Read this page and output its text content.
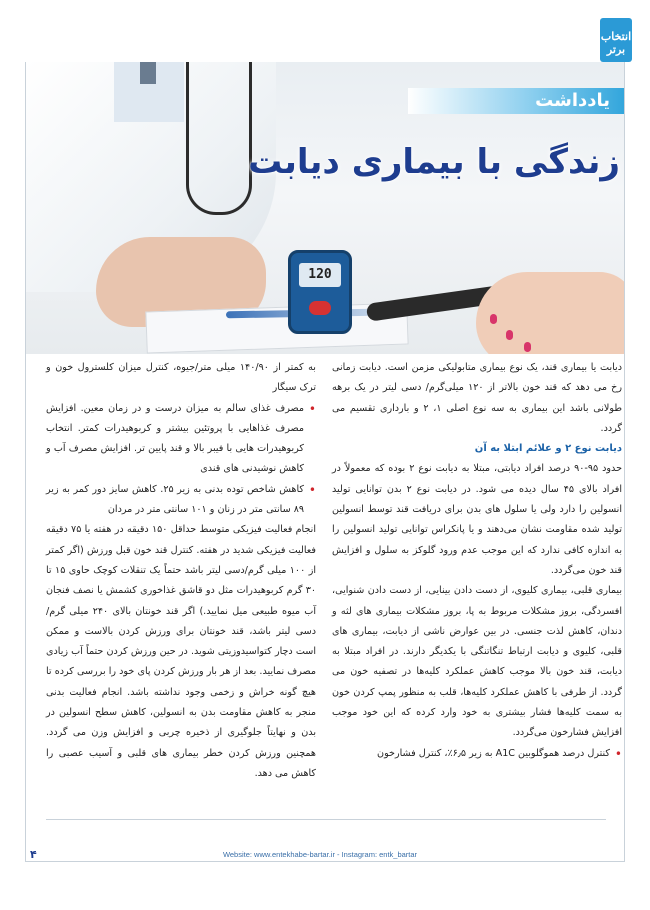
120
انتخاب برتر
یادداشت
زندگی با بیماری دیابت

دیابت یا بیماری قند، یک نوع بیماری متابولیکی مزمن است. دیابت زمانی رخ می دهد که قند خون بالاتر از ۱۲۰ میلی‌گرم/ دسی لیتر در یک برهه طولانی باشد این بیماری به سه نوع اصلی ۱، ۲ و بارداری تقسیم می گردد.

دیابت نوع ۲ و علائم ابتلا به آن

حدود ۹۵-۹۰ درصد افراد دیابتی، مبتلا به دیابت نوع ۲ بوده که معمولاً در افراد بالای ۴۵ سال دیده می شود. در دیابت نوع ۲ بدن توانایی تولید انسولین را دارد ولی یا سلول های بدن برای دریافت قند توسط انسولین تولید شده مقاومت نشان می‌دهند و یا پانکراس توانایی تولید انسولین را به اندازه کافی ندارد که این موجب عدم ورود گلوکز به سلول و افزایش قند خون می‌گردد.

بیماری قلبی، بیماری کلیوی، از دست دادن بینایی، از دست دادن شنوایی، افسردگی، بروز مشکلات مربوط به پا، بروز مشکلات بیماری های لثه و دندان، کاهش لذت جنسی. در بین عوارض ناشی از دیابت، بیماری های قلبی، کلیوی و دیابت ارتباط تنگاتنگی با یکدیگر دارند. در افراد مبتلا به دیابت، قند خون بالا موجب کاهش عملکرد کلیه‌ها در تصفیه خون می گردد. از طرفی با کاهش عملکرد کلیه‌ها، قلب به منظور پمپ کردن خون به سمت کلیه‌ها فشار بیشتری به خود وارد کرده که این خود موجب افزایش فشارخون می‌گردد.

• کنترل درصد هموگلوبین A1C به زیر ۶٫۵٪، کنترل فشارخون

به کمتر از ۱۴۰/۹۰ میلی متر/جیوه، کنترل میزان کلسترول خون و ترک سیگار

• مصرف غذای سالم به میزان درست و در زمان معین. افزایش مصرف غذاهایی با پروتئین بیشتر و کربوهیدرات کمتر. انتخاب کربوهیدرات هایی با فیبر بالا و قند پایین تر. افزایش مصرف آب و کاهش نوشیدنی های قندی

• کاهش شاخص توده بدنی به زیر ۲۵. کاهش سایز دور کمر به زیر ۸۹ سانتی متر در زنان و ۱۰۱ سانتی متر در مردان

انجام فعالیت فیزیکی متوسط حداقل ۱۵۰ دقیقه در هفته یا ۷۵ دقیقه فعالیت فیزیکی شدید در هفته. کنترل قند خون قبل ورزش (اگر کمتر از ۱۰۰ میلی گرم/دسی لیتر باشد حتماً یک تنقلات کوچک حاوی ۱۵ تا ۳۰ گرم کربوهیدرات مثل دو قاشق غذاخوری کشمش یا نصف فنجان آب میوه طبیعی میل نمایید.) اگر قند خونتان بالای ۲۴۰ میلی گرم/دسی لیتر باشد، قند خونتان برای ورزش کردن بالاست و ممکن است دچار کتواسیدوزیتی شوید. در حین ورزش کردن حتماً آب زیادی مصرف نمایید. بعد از هر بار ورزش کردن پای خود را بررسی کرده تا هیچ گونه خراش و زخمی وجود نداشته باشد. انجام فعالیت بدنی منجر به کاهش مقاومت بدن به انسولین، کاهش سطح انسولین در بدن و نهایتاً جلوگیری از ذخیره چربی و افزایش وزن می گردد. همچنین ورزش کردن خطر بیماری های قلبی و آسیب عصبی را کاهش می دهد.

Website: www.entekhabe-bartar.ir - Instagram: entk_bartar
۴
